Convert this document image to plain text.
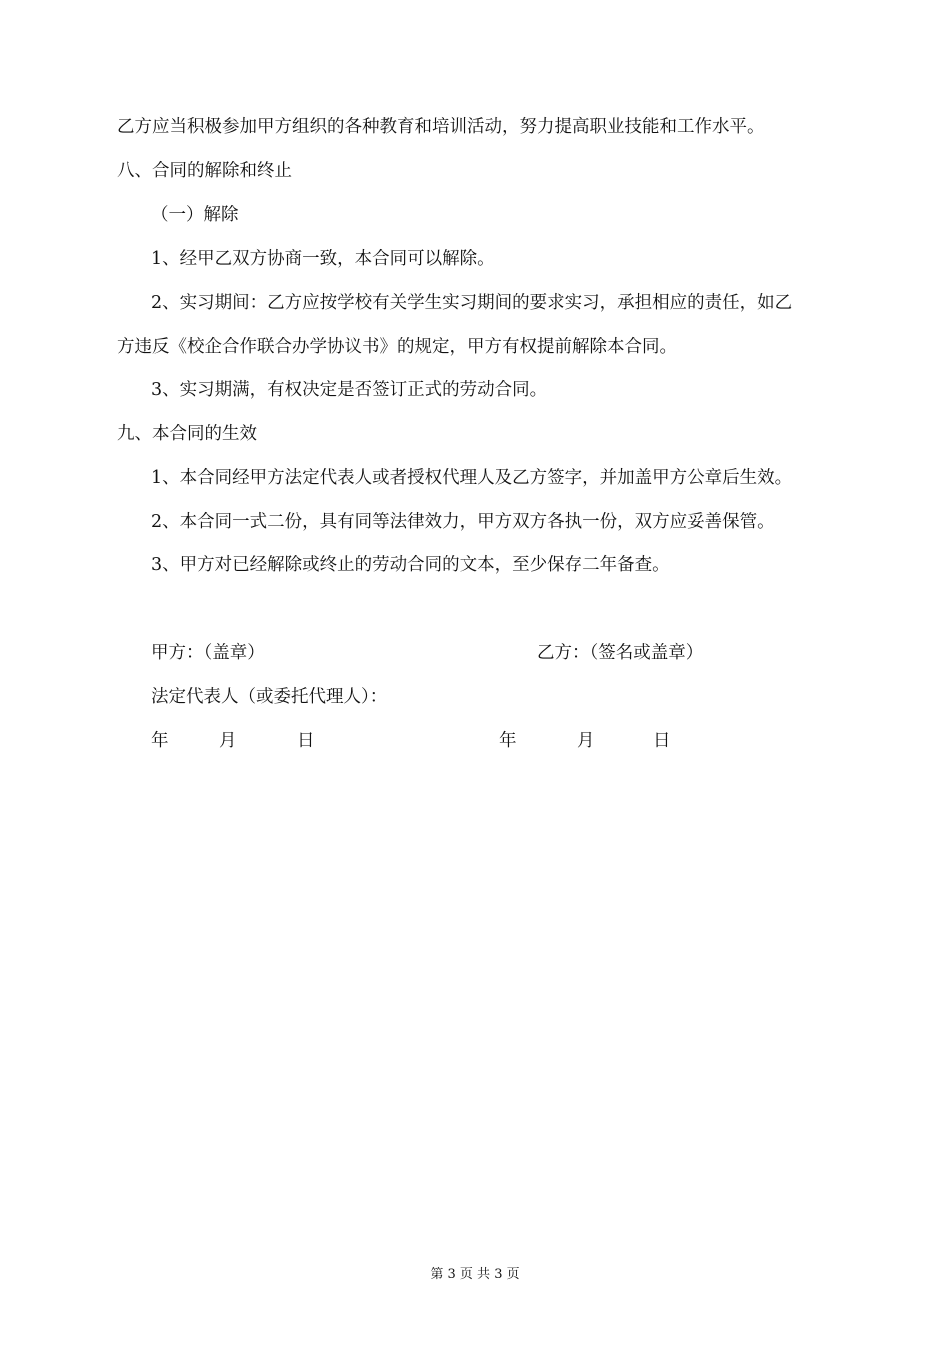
乙方应当积极参加甲方组织的各种教育和培训活动，努力提高职业技能和工作水平。
八、合同的解除和终止
（一）解除
1、经甲乙双方协商一致，本合同可以解除。
2、实习期间：乙方应按学校有关学生实习期间的要求实习，承担相应的责任，如乙
方违反《校企合作联合办学协议书》的规定，甲方有权提前解除本合同。
3、实习期满，有权决定是否签订正式的劳动合同。
九、本合同的生效
1、本合同经甲方法定代表人或者授权代理人及乙方签字，并加盖甲方公章后生效。
2、本合同一式二份，具有同等法律效力，甲方双方各执一份，双方应妥善保管。
3、甲方对已经解除或终止的劳动合同的文本，至少保存二年备查。
甲方：（盖章）	乙方：（签名或盖章）
法定代表人（或委托代理人）：
年	月	日	年	月	日
第 3 页 共 3 页
